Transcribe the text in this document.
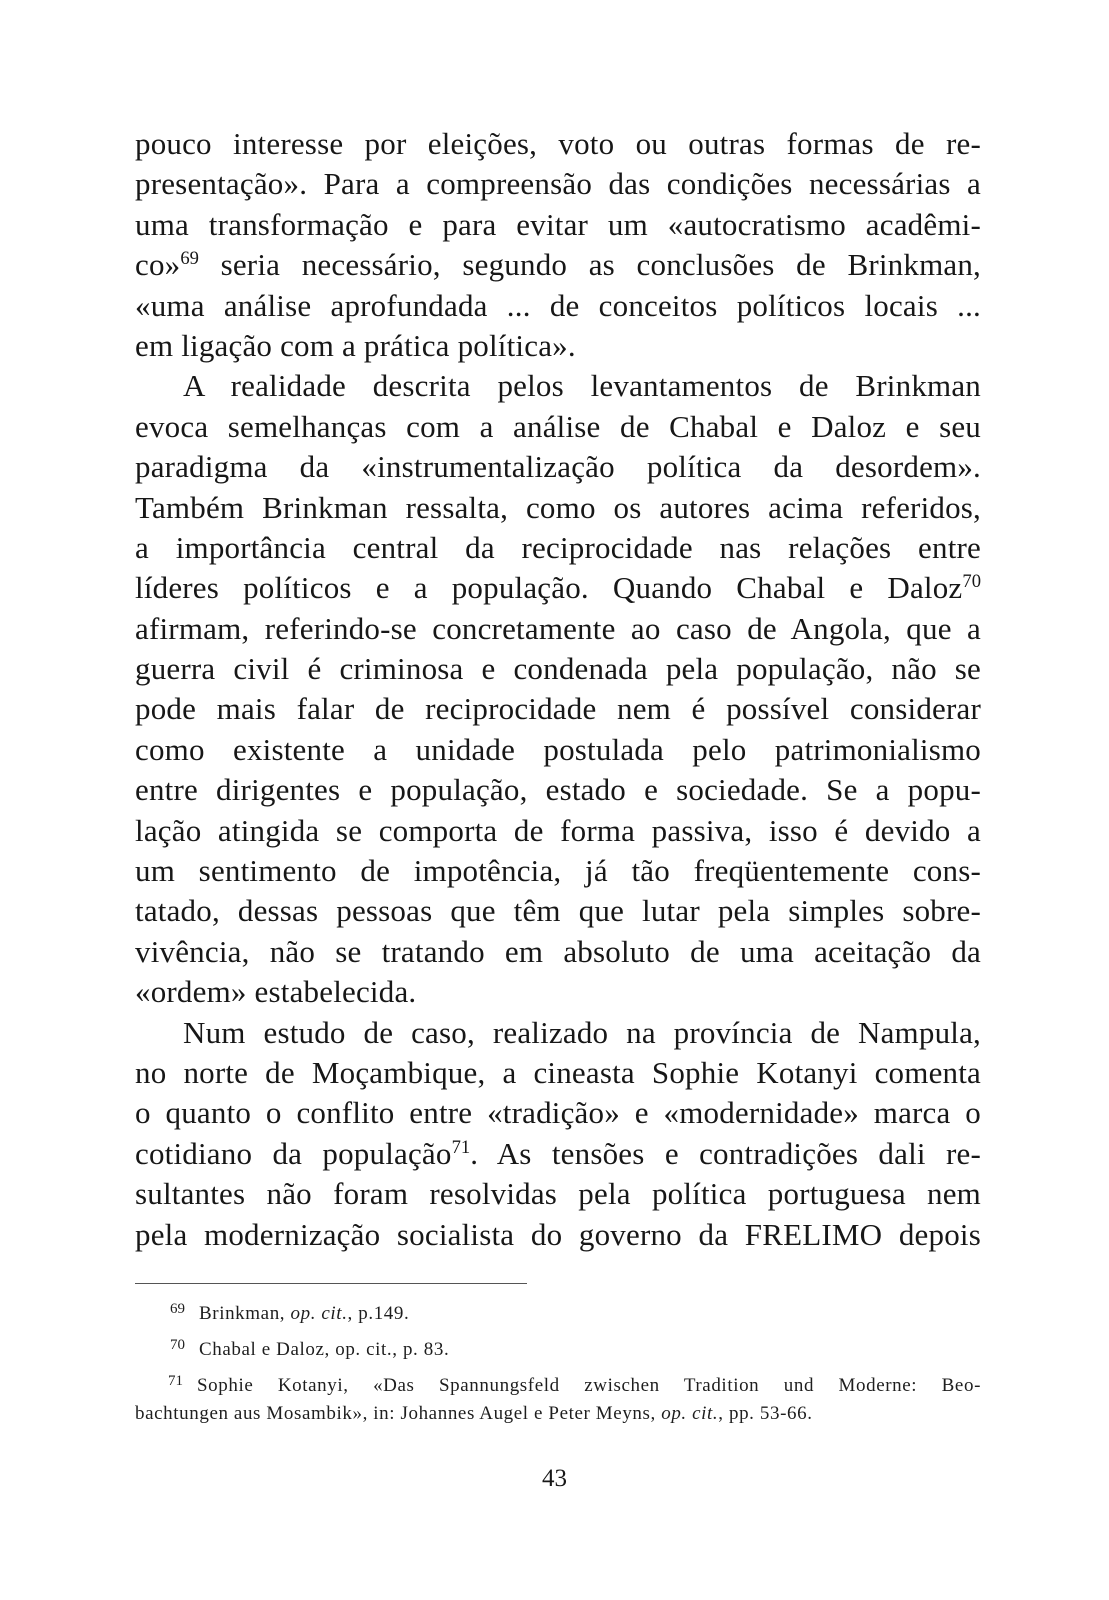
pouco interesse por eleições, voto ou outras formas de re-
presentação». Para a compreensão das condições necessárias a
uma transformação e para evitar um «autocratismo acadêmi-
co»$^{69}$ seria necessário, segundo as conclusões de Brinkman,
«uma análise aprofundada ... de conceitos políticos locais ...
em ligação com a prática política».
A realidade descrita pelos levantamentos de Brinkman
evoca semelhanças com a análise de Chabal e Daloz e seu
paradigma da «instrumentalização política da desordem».
Também Brinkman ressalta, como os autores acima referidos,
a importância central da reciprocidade nas relações entre
líderes políticos e a população. Quando Chabal e Daloz$^{70}$
afirmam, referindo-se concretamente ao caso de Angola, que a
guerra civil é criminosa e condenada pela população, não se
pode mais falar de reciprocidade nem é possível considerar
como existente a unidade postulada pelo patrimonialismo
entre dirigentes e população, estado e sociedade. Se a popu-
lação atingida se comporta de forma passiva, isso é devido a
um sentimento de impotência, já tão freqüentemente cons-
tatado, dessas pessoas que têm que lutar pela simples sobre-
vivência, não se tratando em absoluto de uma aceitação da
«ordem» estabelecida.
Num estudo de caso, realizado na província de Nampula,
no norte de Moçambique, a cineasta Sophie Kotanyi comenta
o quanto o conflito entre «tradição» e «modernidade» marca o
cotidiano da população$^{71}$. As tensões e contradições dali re-
sultantes não foram resolvidas pela política portuguesa nem
pela modernização socialista do governo da FRELIMO depois
$^{69}$ Brinkman, op. cit., p.149.
$^{70}$ Chabal e Daloz, op. cit., p. 83.
$^{71}$ Sophie Kotanyi, «Das Spannungsfeld zwischen Tradition und Moderne: Beo-
bachtungen aus Mosambik», in: Johannes Augel e Peter Meyns, op. cit., pp. 53-66.
43
